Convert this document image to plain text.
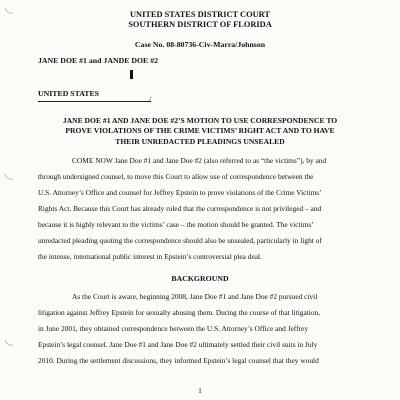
UNITED STATES DISTRICT COURT
SOUTHERN DISTRICT OF FLORIDA
Case No. 08-80736-Civ-Marra/Johnson
JANE DOE #1 and JANDE DOE #2
UNITED STATES
/
JANE DOE #1 AND JANE DOE #2’S MOTION TO USE CORRESPONDENCE TO
PROVE VIOLATIONS OF THE CRIME VICTIMS’ RIGHT ACT AND TO HAVE
THEIR UNREDACTED PLEADINGS UNSEALED
COME NOW Jane Doe #1 and Jane Doe #2 (also referred to as “the victims”), by and
through undersigned counsel, to move this Court to allow use of correspondence between the
U.S. Attorney’s Office and counsel for Jeffrey Epstein to prove violations of the Crime Victims’
Rights Act. Because this Court has already ruled that the correspondence is not privileged – and
because it is highly relevant to the victims’ case – the motion should be granted. The victims’
unredacted pleading quoting the correspondence should also be unsealed, particularly in light of
the intense, international public interest in Epstein’s controversial plea deal.
BACKGROUND
As the Court is aware, beginning 2008, Jane Doe #1 and Jane Doe #2 pursued civil
litigation against Jeffrey Epstein for sexually abusing them. During the course of that litigation,
in June 2001, they obtained correspondence between the U.S. Attorney’s Office and Jeffrey
Epstein’s legal counsel. Jane Doe #1 and Jane Doe #2 ultimately settled their civil suits in July
2010. During the settlement discussions, they informed Epstein’s legal counsel that they would
1
